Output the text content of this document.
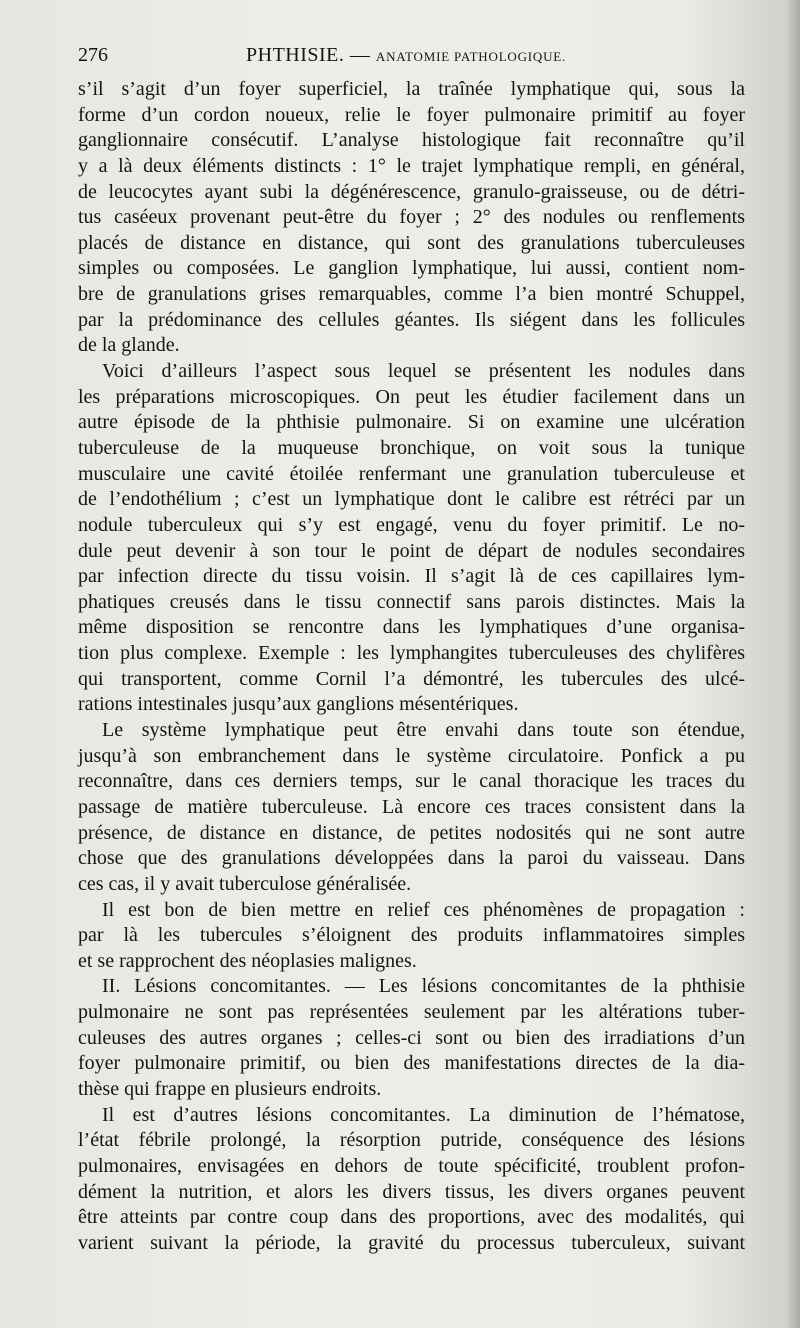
276	PHTHISIE. — ANATOMIE PATHOLOGIQUE.
s’il s’agit d’un foyer superficiel, la traînée lymphatique qui, sous la
forme d’un cordon noueux, relie le foyer pulmonaire primitif au foyer
ganglionnaire consécutif. L’analyse histologique fait reconnaître qu’il
y a là deux éléments distincts : 1° le trajet lymphatique rempli, en général,
de leucocytes ayant subi la dégénérescence, granulo-graisseuse, ou de détri-
tus caséeux provenant peut-être du foyer ; 2° des nodules ou renflements
placés de distance en distance, qui sont des granulations tuberculeuses
simples ou composées. Le ganglion lymphatique, lui aussi, contient nom-
bre de granulations grises remarquables, comme l’a bien montré Schuppel,
par la prédominance des cellules géantes. Ils siégent dans les follicules
de la glande.
Voici d’ailleurs l’aspect sous lequel se présentent les nodules dans
les préparations microscopiques. On peut les étudier facilement dans un
autre épisode de la phthisie pulmonaire. Si on examine une ulcération
tuberculeuse de la muqueuse bronchique, on voit sous la tunique
musculaire une cavité étoilée renfermant une granulation tuberculeuse et
de l’endothélium ; c’est un lymphatique dont le calibre est rétréci par un
nodule tuberculeux qui s’y est engagé, venu du foyer primitif. Le no-
dule peut devenir à son tour le point de départ de nodules secondaires
par infection directe du tissu voisin. Il s’agit là de ces capillaires lym-
phatiques creusés dans le tissu connectif sans parois distinctes. Mais la
même disposition se rencontre dans les lymphatiques d’une organisa-
tion plus complexe. Exemple : les lymphangites tuberculeuses des chylifères
qui transportent, comme Cornil l’a démontré, les tubercules des ulcé-
rations intestinales jusqu’aux ganglions mésentériques.
Le système lymphatique peut être envahi dans toute son étendue,
jusqu’à son embranchement dans le système circulatoire. Ponfick a pu
reconnaître, dans ces derniers temps, sur le canal thoracique les traces du
passage de matière tuberculeuse. Là encore ces traces consistent dans la
présence, de distance en distance, de petites nodosités qui ne sont autre
chose que des granulations développées dans la paroi du vaisseau. Dans
ces cas, il y avait tuberculose généralisée.
Il est bon de bien mettre en relief ces phénomènes de propagation :
par là les tubercules s’éloignent des produits inflammatoires simples
et se rapprochent des néoplasies malignes.
II. Lésions concomitantes. — Les lésions concomitantes de la phthisie
pulmonaire ne sont pas représentées seulement par les altérations tuber-
culeuses des autres organes ; celles-ci sont ou bien des irradiations d’un
foyer pulmonaire primitif, ou bien des manifestations directes de la dia-
thèse qui frappe en plusieurs endroits.
Il est d’autres lésions concomitantes. La diminution de l’hématose,
l’état fébrile prolongé, la résorption putride, conséquence des lésions
pulmonaires, envisagées en dehors de toute spécificité, troublent profon-
dément la nutrition, et alors les divers tissus, les divers organes peuvent
être atteints par contre coup dans des proportions, avec des modalités, qui
varient suivant la période, la gravité du processus tuberculeux, suivant
